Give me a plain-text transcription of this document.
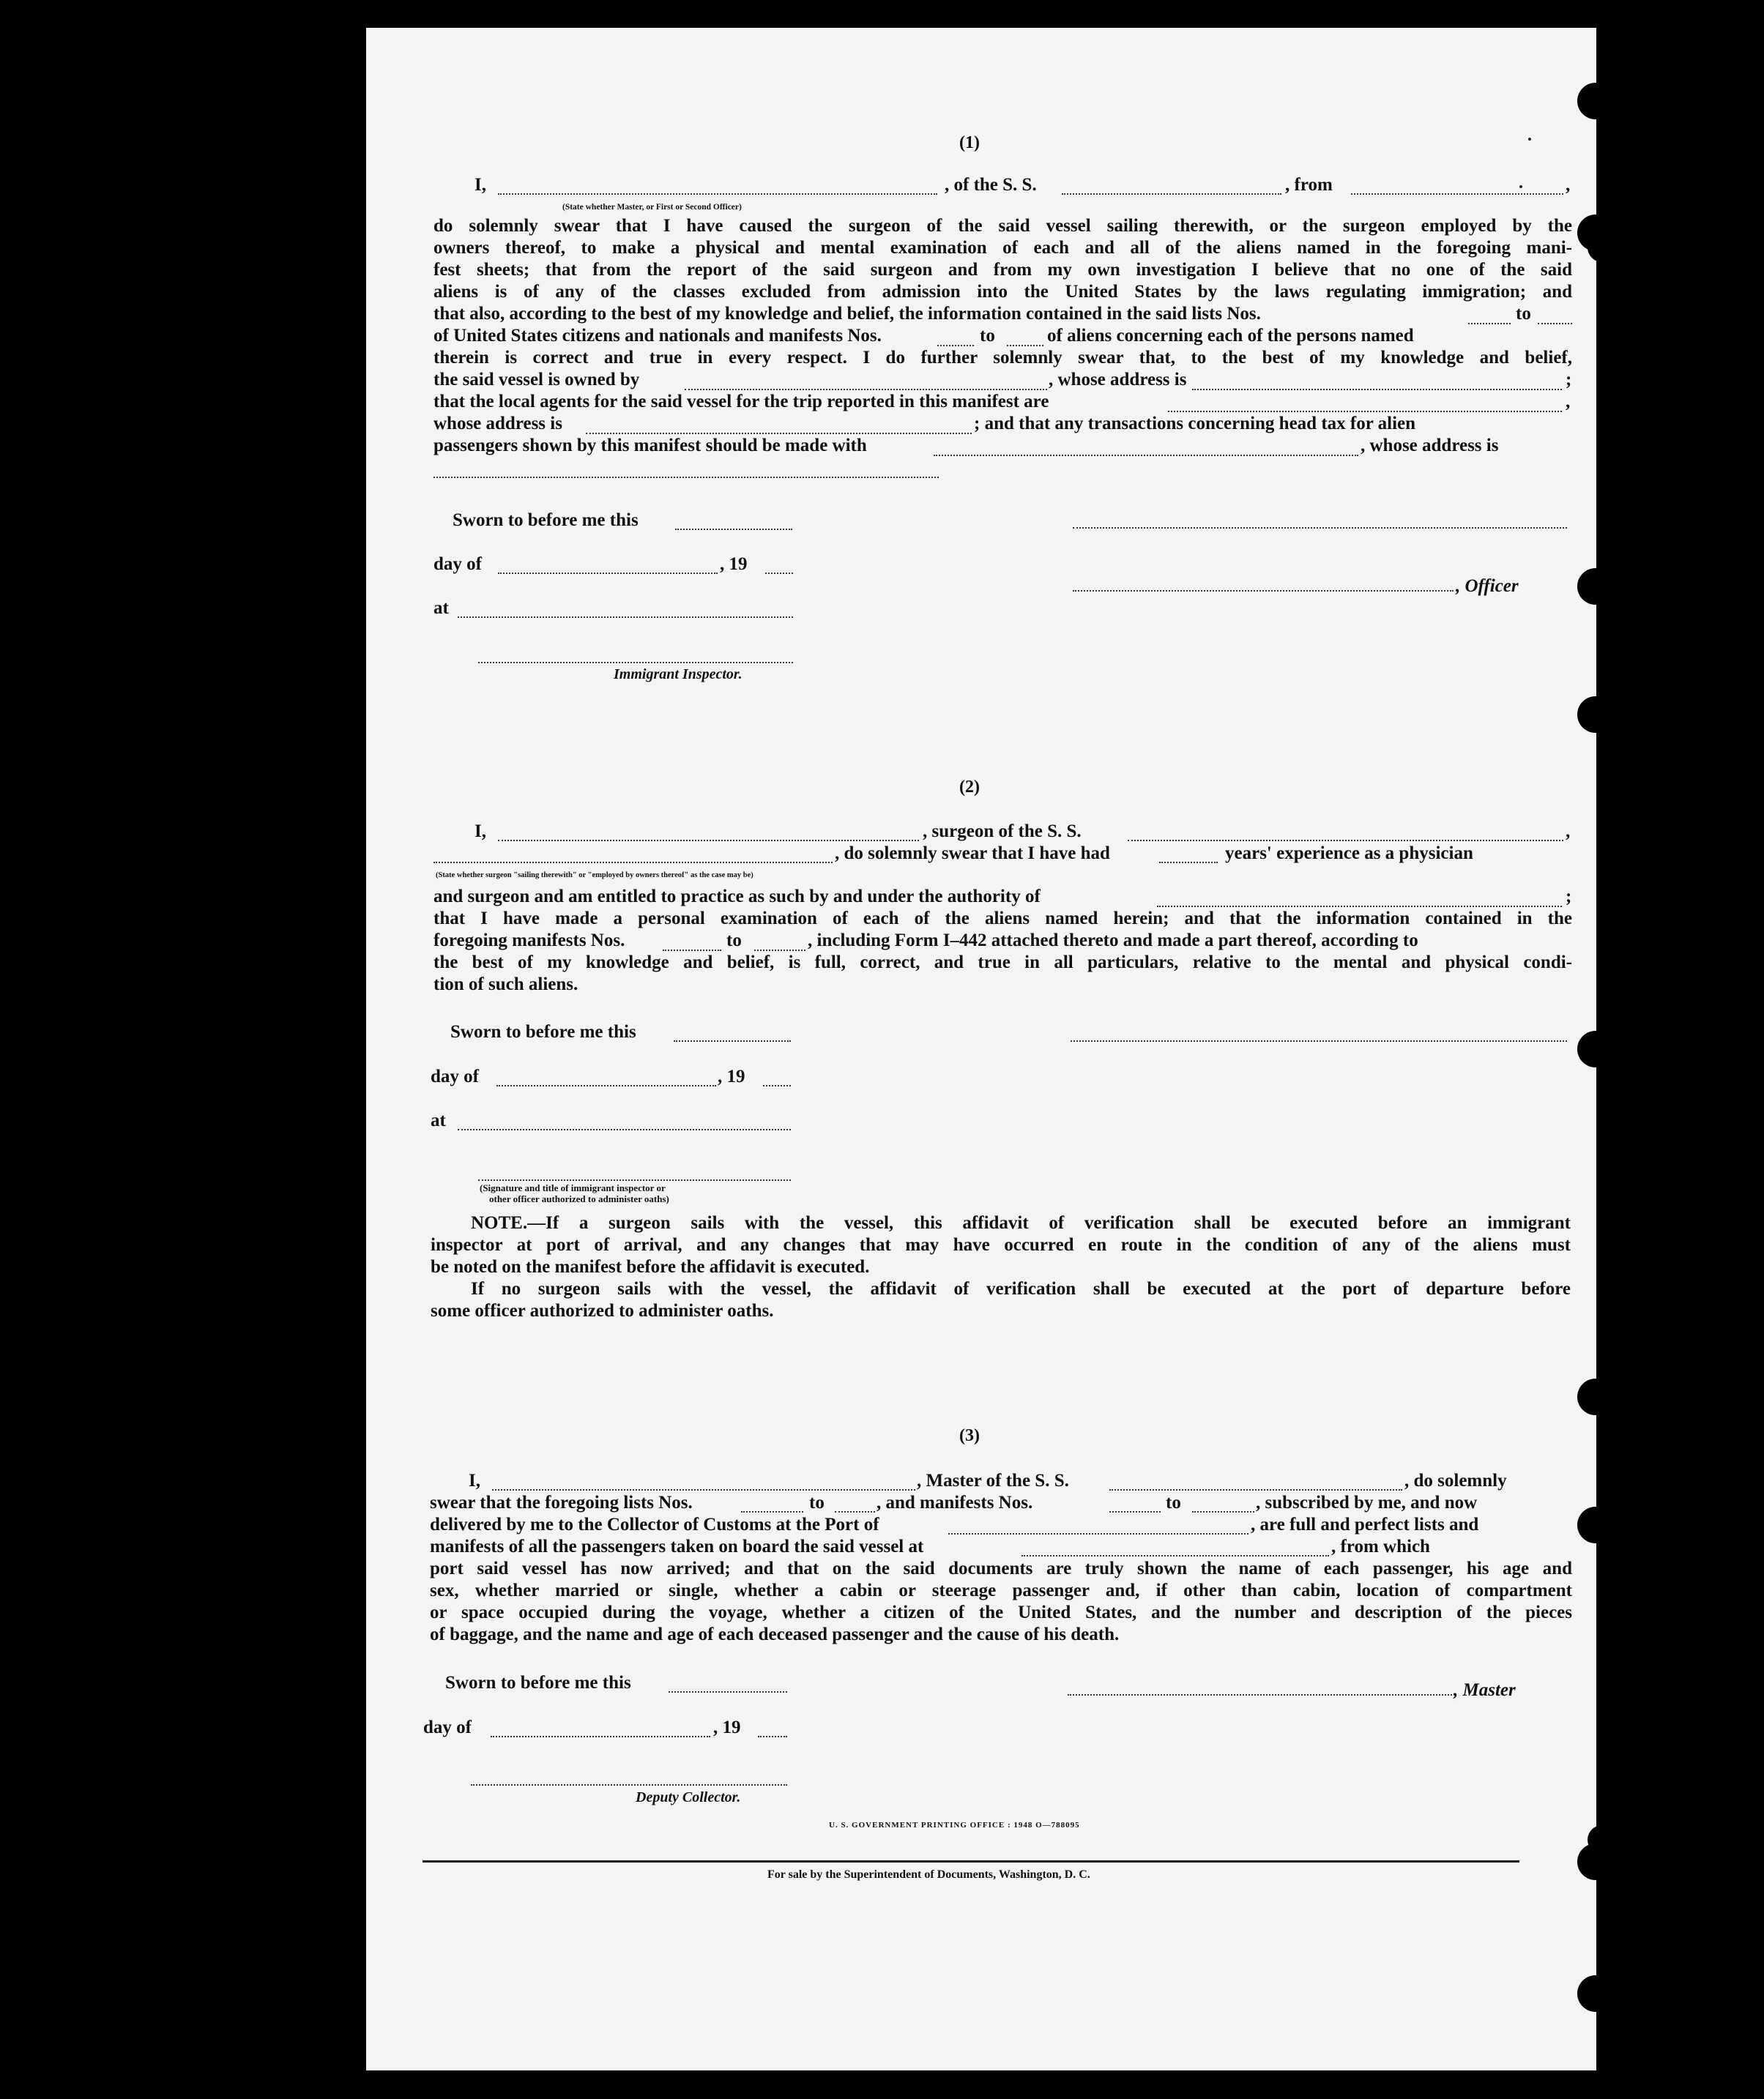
(1)
I,	, of the S. S.	, from	,
(State whether Master, or First or Second Officer)
do solemnly swear that I have caused the surgeon of the said vessel sailing therewith, or the surgeon employed by the
owners thereof, to make a physical and mental examination of each and all of the aliens named in the foregoing mani-
fest sheets; that from the report of the said surgeon and from my own investigation I believe that no one of the said
aliens is of any of the classes excluded from admission into the United States by the laws regulating immigration; and
that also, according to the best of my knowledge and belief, the information contained in the said lists Nos.	to
of United States citizens and nationals and manifests Nos.	to	of aliens concerning each of the persons named
therein is correct and true in every respect. I do further solemnly swear that, to the best of my knowledge and belief,
the said vessel is owned by	, whose address is	;
that the local agents for the said vessel for the trip reported in this manifest are	,
whose address is	; and that any transactions concerning head tax for alien
passengers shown by this manifest should be made with	, whose address is
Sworn to before me this
day of	, 19
, Officer
at
Immigrant Inspector.
(2)
I,	, surgeon of the S. S.	,
, do solemnly swear that I have had	years' experience as a physician
(State whether surgeon "sailing therewith" or "employed by owners thereof" as the case may be)
and surgeon and am entitled to practice as such by and under the authority of	;
that I have made a personal examination of each of the aliens named herein; and that the information contained in the
foregoing manifests Nos.	to	, including Form I–442 attached thereto and made a part thereof, according to
the best of my knowledge and belief, is full, correct, and true in all particulars, relative to the mental and physical condi-
tion of such aliens.
Sworn to before me this
day of	, 19
at
(Signature and title of immigrant inspector or
other officer authorized to administer oaths)
NOTE.—If a surgeon sails with the vessel, this affidavit of verification shall be executed before an immigrant
inspector at port of arrival, and any changes that may have occurred en route in the condition of any of the aliens must
be noted on the manifest before the affidavit is executed.
If no surgeon sails with the vessel, the affidavit of verification shall be executed at the port of departure before
some officer authorized to administer oaths.
(3)
I,	, Master of the S. S.	, do solemnly
swear that the foregoing lists Nos.	to	, and manifests Nos.	to	, subscribed by me, and now
delivered by me to the Collector of Customs at the Port of	, are full and perfect lists and
manifests of all the passengers taken on board the said vessel at	, from which
port said vessel has now arrived; and that on the said documents are truly shown the name of each passenger, his age and
sex, whether married or single, whether a cabin or steerage passenger and, if other than cabin, location of compartment
or space occupied during the voyage, whether a citizen of the United States, and the number and description of the pieces
of baggage, and the name and age of each deceased passenger and the cause of his death.
Sworn to before me this	, Master
day of	, 19
Deputy Collector.
U. S. GOVERNMENT PRINTING OFFICE : 1948 O—788095
For sale by the Superintendent of Documents, Washington, D. C.
